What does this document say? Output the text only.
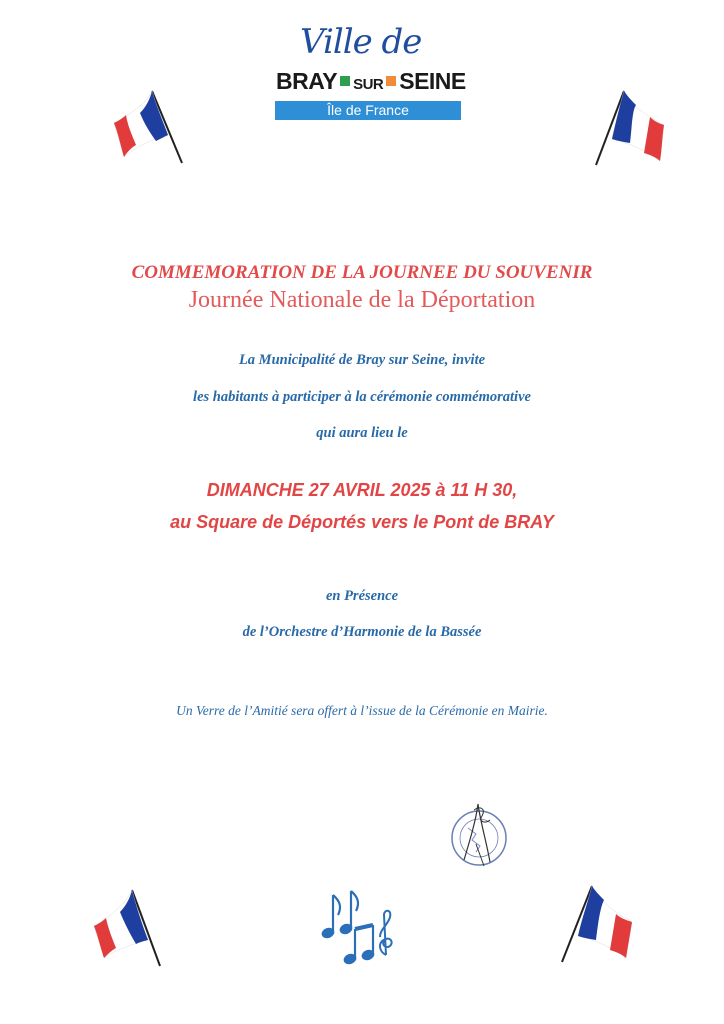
Ville de
BRAY SUR SEINE
Île de France
COMMEMORATION DE LA JOURNEE DU SOUVENIR
Journée Nationale de la Déportation
La Municipalité de Bray sur Seine, invite
les habitants à participer à la cérémonie commémorative
qui aura lieu le
DIMANCHE 27 AVRIL 2025 à 11 H 30,
au Square de Déportés vers le Pont de BRAY
en Présence
de l’Orchestre d’Harmonie de la Bassée
Un Verre de l’Amitié sera offert à l’issue de la Cérémonie en Mairie.
